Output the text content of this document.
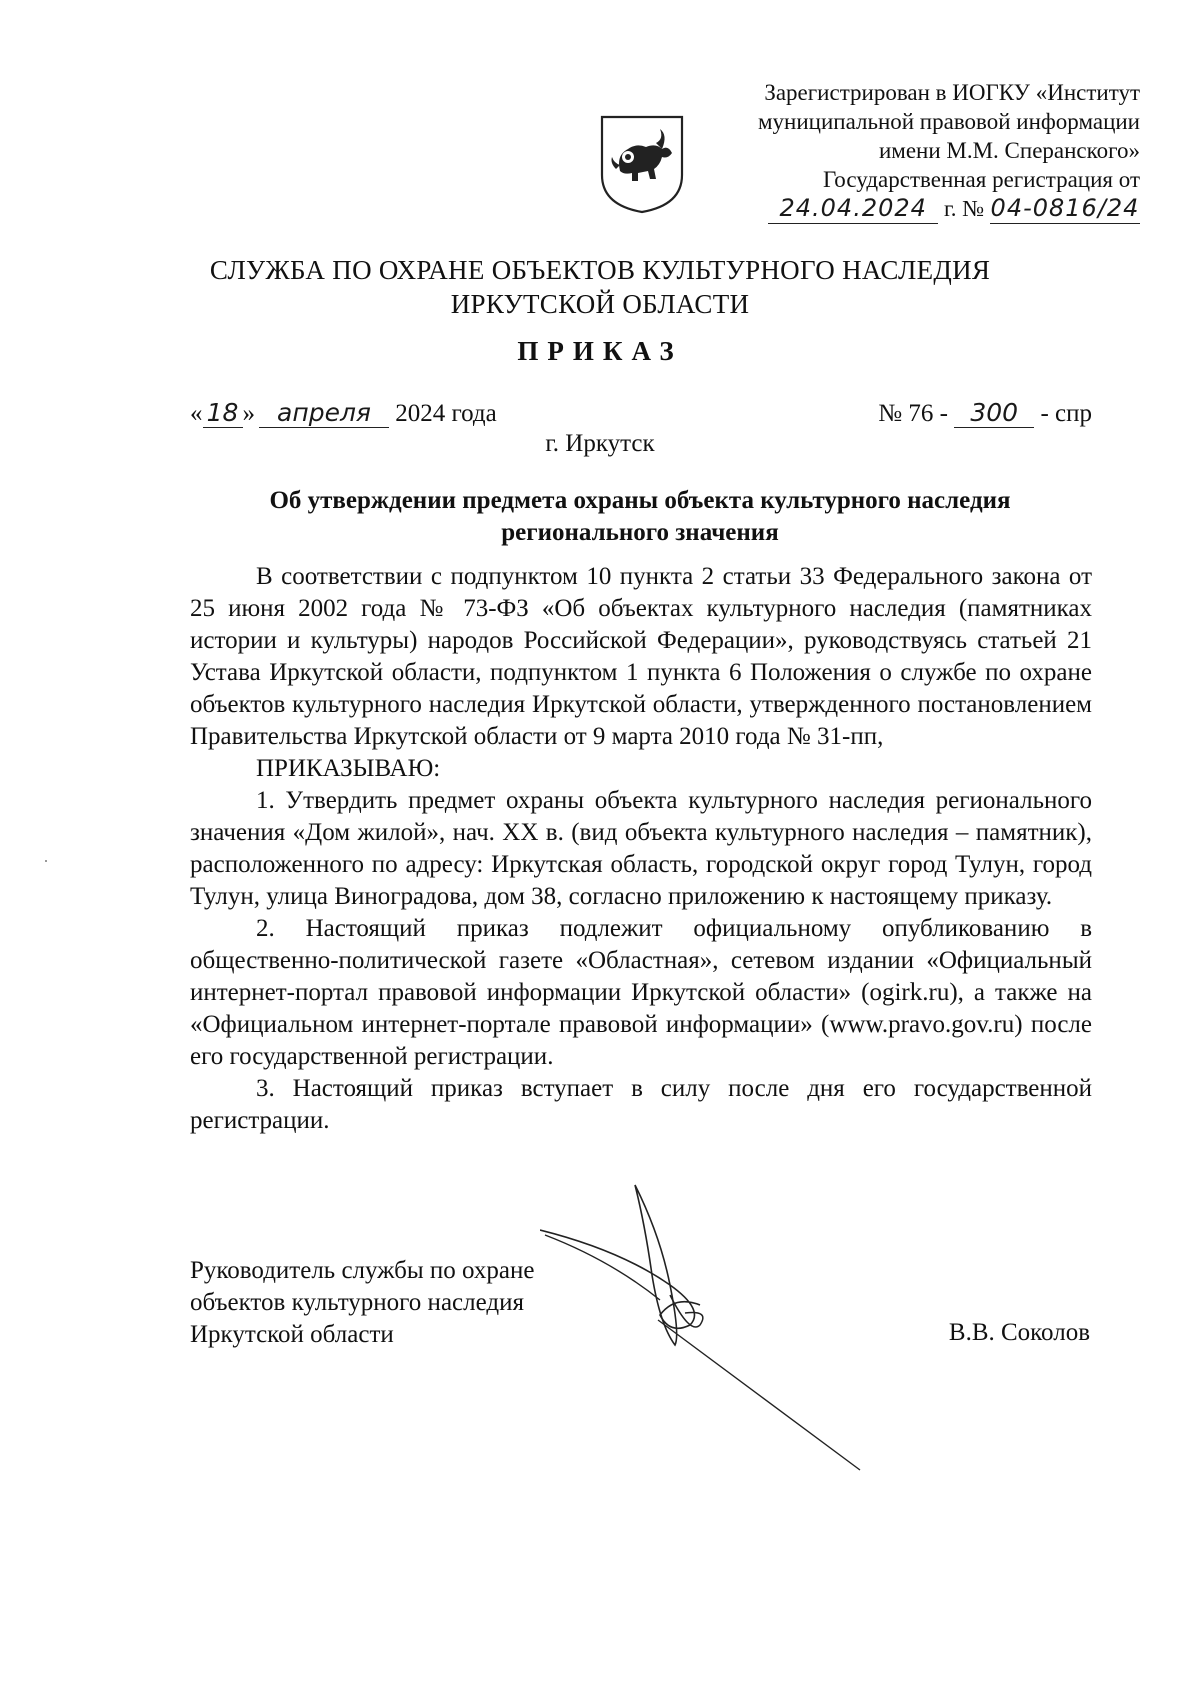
Зарегистрирован в ИОГКУ «Институт
муниципальной правовой информации
имени М.М. Сперанского»
Государственная регистрация от
24.04.2024 г. № 04-0816/24
СЛУЖБА ПО ОХРАНЕ ОБЪЕКТОВ КУЛЬТУРНОГО НАСЛЕДИЯ
ИРКУТСКОЙ ОБЛАСТИ
ПРИКАЗ
« 18 » апреля 2024 года	№ 76 - 300 - спр
г. Иркутск
Об утверждении предмета охраны объекта культурного наследия
регионального значения

В соответствии с подпунктом 10 пункта 2 статьи 33 Федерального закона от 25 июня 2002 года № 73-ФЗ «Об объектах культурного наследия (памятниках истории и культуры) народов Российской Федерации», руководствуясь статьей 21 Устава Иркутской области, подпунктом 1 пункта 6 Положения о службе по охране объектов культурного наследия Иркутской области, утвержденного постановлением Правительства Иркутской области от 9 марта 2010 года № 31-пп,

ПРИКАЗЫВАЮ:

1. Утвердить предмет охраны объекта культурного наследия регионального значения «Дом жилой», нач. XX в. (вид объекта культурного наследия – памятник), расположенного по адресу: Иркутская область, городской округ город Тулун, город Тулун, улица Виноградова, дом 38, согласно приложению к настоящему приказу.

2. Настоящий приказ подлежит официальному опубликованию в общественно-политической газете «Областная», сетевом издании «Официальный интернет-портал правовой информации Иркутской области» (ogirk.ru), а также на «Официальном интернет-портале правовой информации» (www.pravo.gov.ru) после его государственной регистрации.

3. Настоящий приказ вступает в силу после дня его государственной регистрации.

Руководитель службы по охране
объектов культурного наследия
Иркутской области	В.В. Соколов
